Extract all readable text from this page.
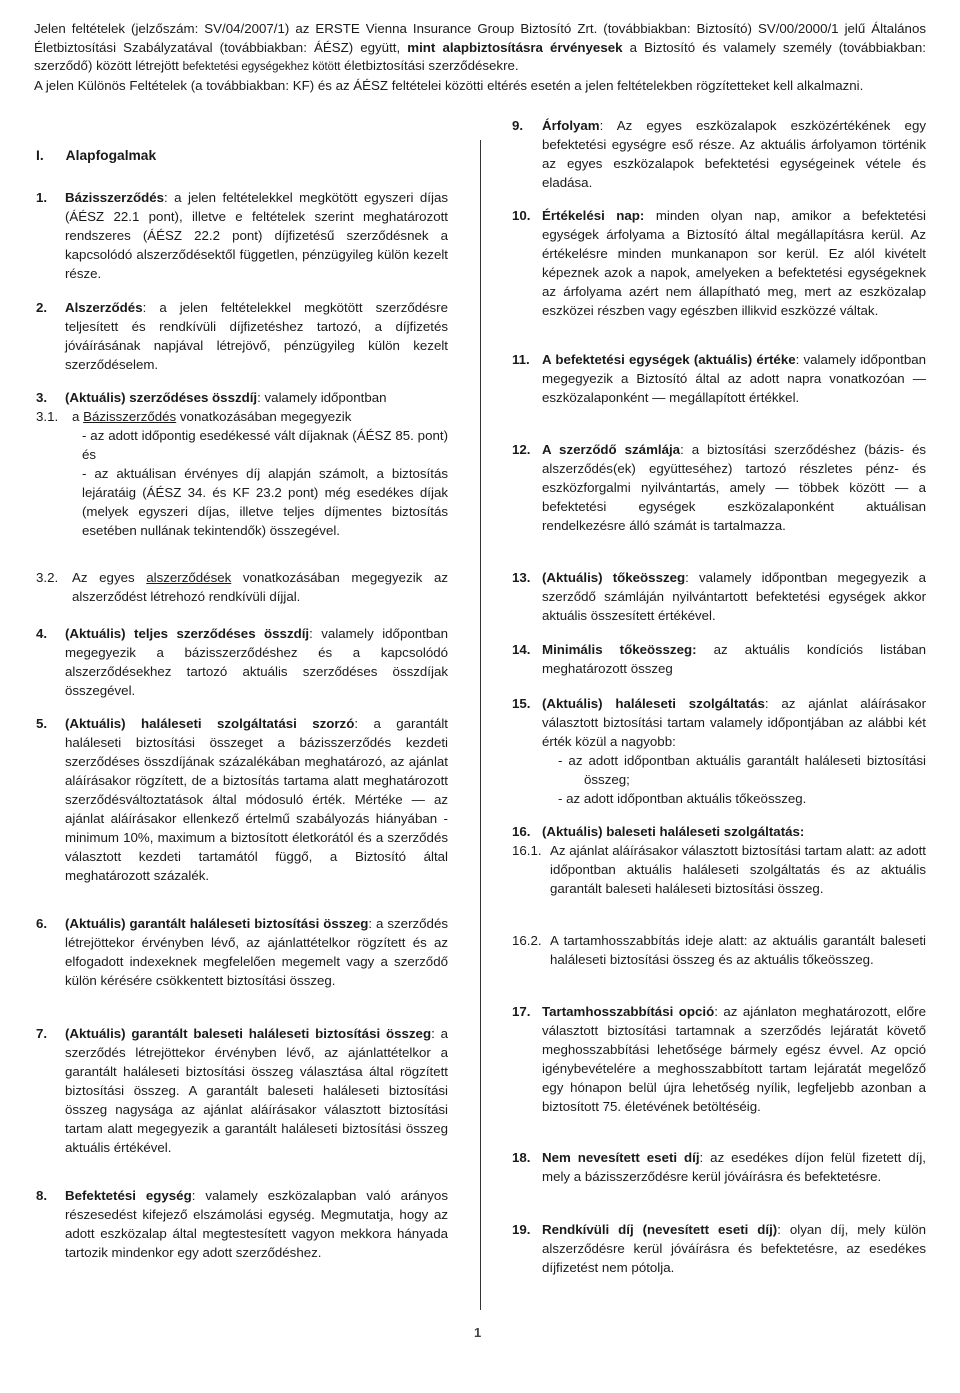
Jelen feltételek (jelzőszám: SV/04/2007/1) az ERSTE Vienna Insurance Group Biztosító Zrt. (továbbiakban: Biztosító) SV/00/2000/1 jelű Általános Életbiztosítási Szabályzatával (továbbiakban: ÁÉSZ) együtt, mint alapbiztosításra érvényesek a Biztosító és valamely személy (továbbiakban: szerződő) között létrejött befektetési egységekhez kötött életbiztosítási szerződésekre.

A jelen Különös Feltételek (a továbbiakban: KF) és az ÁÉSZ feltételei közötti eltérés esetén a jelen feltételekben rögzítetteket kell alkalmazni.

I. Alapfogalmak
1.	Bázisszerződés: a jelen feltételekkel megkötött egyszeri díjas (ÁÉSZ 22.1 pont), illetve e feltételek szerint meghatározott rendszeres (ÁÉSZ 22.2 pont) díjfizetésű szerződésnek a kapcsolódó alszerződésektől független, pénzügyileg külön kezelt része.
2.	Alszerződés: a jelen feltételekkel megkötött szerződésre teljesített és rendkívüli díjfizetéshez tartozó, a díjfizetés jóváírásának napjával létrejövő, pénzügyileg külön kezelt szerződéselem.
3.	(Aktuális) szerződéses összdíj: valamely időpontban
3.1.	a Bázisszerződés vonatkozásában megegyezik
- az adott időpontig esedékessé vált díjaknak (ÁÉSZ 85. pont) és
- az aktuálisan érvényes díj alapján számolt, a biztosítás lejáratáig (ÁÉSZ 34. és KF 23.2 pont) még esedékes díjak (melyek egyszeri díjas, illetve teljes díjmentes biztosítás esetében nullának tekintendők) összegével.
3.2.	Az egyes alszerződések vonatkozásában megegyezik az alszerződést létrehozó rendkívüli díjjal.
4.	(Aktuális) teljes szerződéses összdíj: valamely időpontban megegyezik a bázisszerződéshez és a kapcsolódó alszerződésekhez tartozó aktuális szerződéses összdíjak összegével.
5.	(Aktuális) haláleseti szolgáltatási szorzó: a garantált haláleseti biztosítási összeget a bázisszerződés kezdeti szerződéses összdíjának százalékában meghatározó, az ajánlat aláírásakor rögzített, de a biztosítás tartama alatt meghatározott szerződésváltoztatások által módosuló érték. Mértéke — az ajánlat aláírásakor ellenkező értelmű szabályozás hiányában - minimum 10%, maximum a biztosított életkorától és a szerződés választott kezdeti tartamától függő, a Biztosító által meghatározott százalék.
6.	(Aktuális) garantált haláleseti biztosítási összeg: a szerződés létrejöttekor érvényben lévő, az ajánlattételkor rögzített és az elfogadott indexeknek megfelelően megemelt vagy a szerződő külön kérésére csökkentett biztosítási összeg.
7.	(Aktuális) garantált baleseti haláleseti biztosítási összeg: a szerződés létrejöttekor érvényben lévő, az ajánlattételkor a garantált haláleseti biztosítási összeg választása által rögzített biztosítási összeg. A garantált baleseti haláleseti biztosítási összeg nagysága az ajánlat aláírásakor választott biztosítási tartam alatt megegyezik a garantált haláleseti biztosítási összeg aktuális értékével.
8.	Befektetési egység: valamely eszközalapban való arányos részesedést kifejező elszámolási egység. Megmutatja, hogy az adott eszközalap által megtestesített vagyon mekkora hányada tartozik mindenkor egy adott szerződéshez.
9.	Árfolyam: Az egyes eszközalapok eszközértékének egy befektetési egységre eső része. Az aktuális árfolyamon történik az egyes eszközalapok befektetési egységeinek vétele és eladása.
10. Értékelési nap: minden olyan nap, amikor a befektetési egységek árfolyama a Biztosító által megállapításra kerül. Az értékelésre minden munkanapon sor kerül. Ez alól kivételt képeznek azok a napok, amelyeken a befektetési egységeknek az árfolyama azért nem állapítható meg, mert az eszközalap eszközei részben vagy egészben illikvid eszközzé váltak.
11. A befektetési egységek (aktuális) értéke: valamely időpontban megegyezik a Biztosító által az adott napra vonatkozóan — eszközalaponként — megállapított értékkel.
12. A szerződő számlája: a biztosítási szerződéshez (bázis- és alszerződés(ek) együtteséhez) tartozó részletes pénz- és eszközforgalmi nyilvántartás, amely — többek között — a befektetési egységek eszközalaponként aktuálisan rendelkezésre álló számát is tartalmazza.
13. (Aktuális) tőkeösszeg: valamely időpontban megegyezik a szerződő számláján nyilvántartott befektetési egységek akkor aktuális összesített értékével.
14. Minimális tőkeösszeg: az aktuális kondíciós listában meghatározott összeg
15. (Aktuális) haláleseti szolgáltatás: az ajánlat aláírásakor választott biztosítási tartam valamely időpontjában az alábbi két érték közül a nagyobb:
- az adott időpontban aktuális garantált haláleseti biztosítási összeg;
- az adott időpontban aktuális tőkeösszeg.
16. (Aktuális) baleseti haláleseti szolgáltatás:
16.1. Az ajánlat aláírásakor választott biztosítási tartam alatt: az adott időpontban aktuális haláleseti szolgáltatás és az aktuális garantált baleseti haláleseti biztosítási összeg.
16.2. A tartamhosszabbítás ideje alatt: az aktuális garantált baleseti haláleseti biztosítási összeg és az aktuális tőkeösszeg.
17. Tartamhosszabbítási opció: az ajánlaton meghatározott, előre választott biztosítási tartamnak a szerződés lejáratát követő meghosszabbítási lehetősége bármely egész évvel. Az opció igénybevételére a meghosszabbított tartam lejáratát megelőző egy hónapon belül újra lehetőség nyílik, legfeljebb azonban a biztosított 75. életévének betöltéséig.
18. Nem nevesített eseti díj: az esedékes díjon felül fizetett díj, mely a bázisszerződésre kerül jóváírásra és befektetésre.
19. Rendkívüli díj (nevesített eseti díj): olyan díj, mely külön alszerződésre kerül jóváírásra és befektetésre, az esedékes díjfizetést nem pótolja.
1
